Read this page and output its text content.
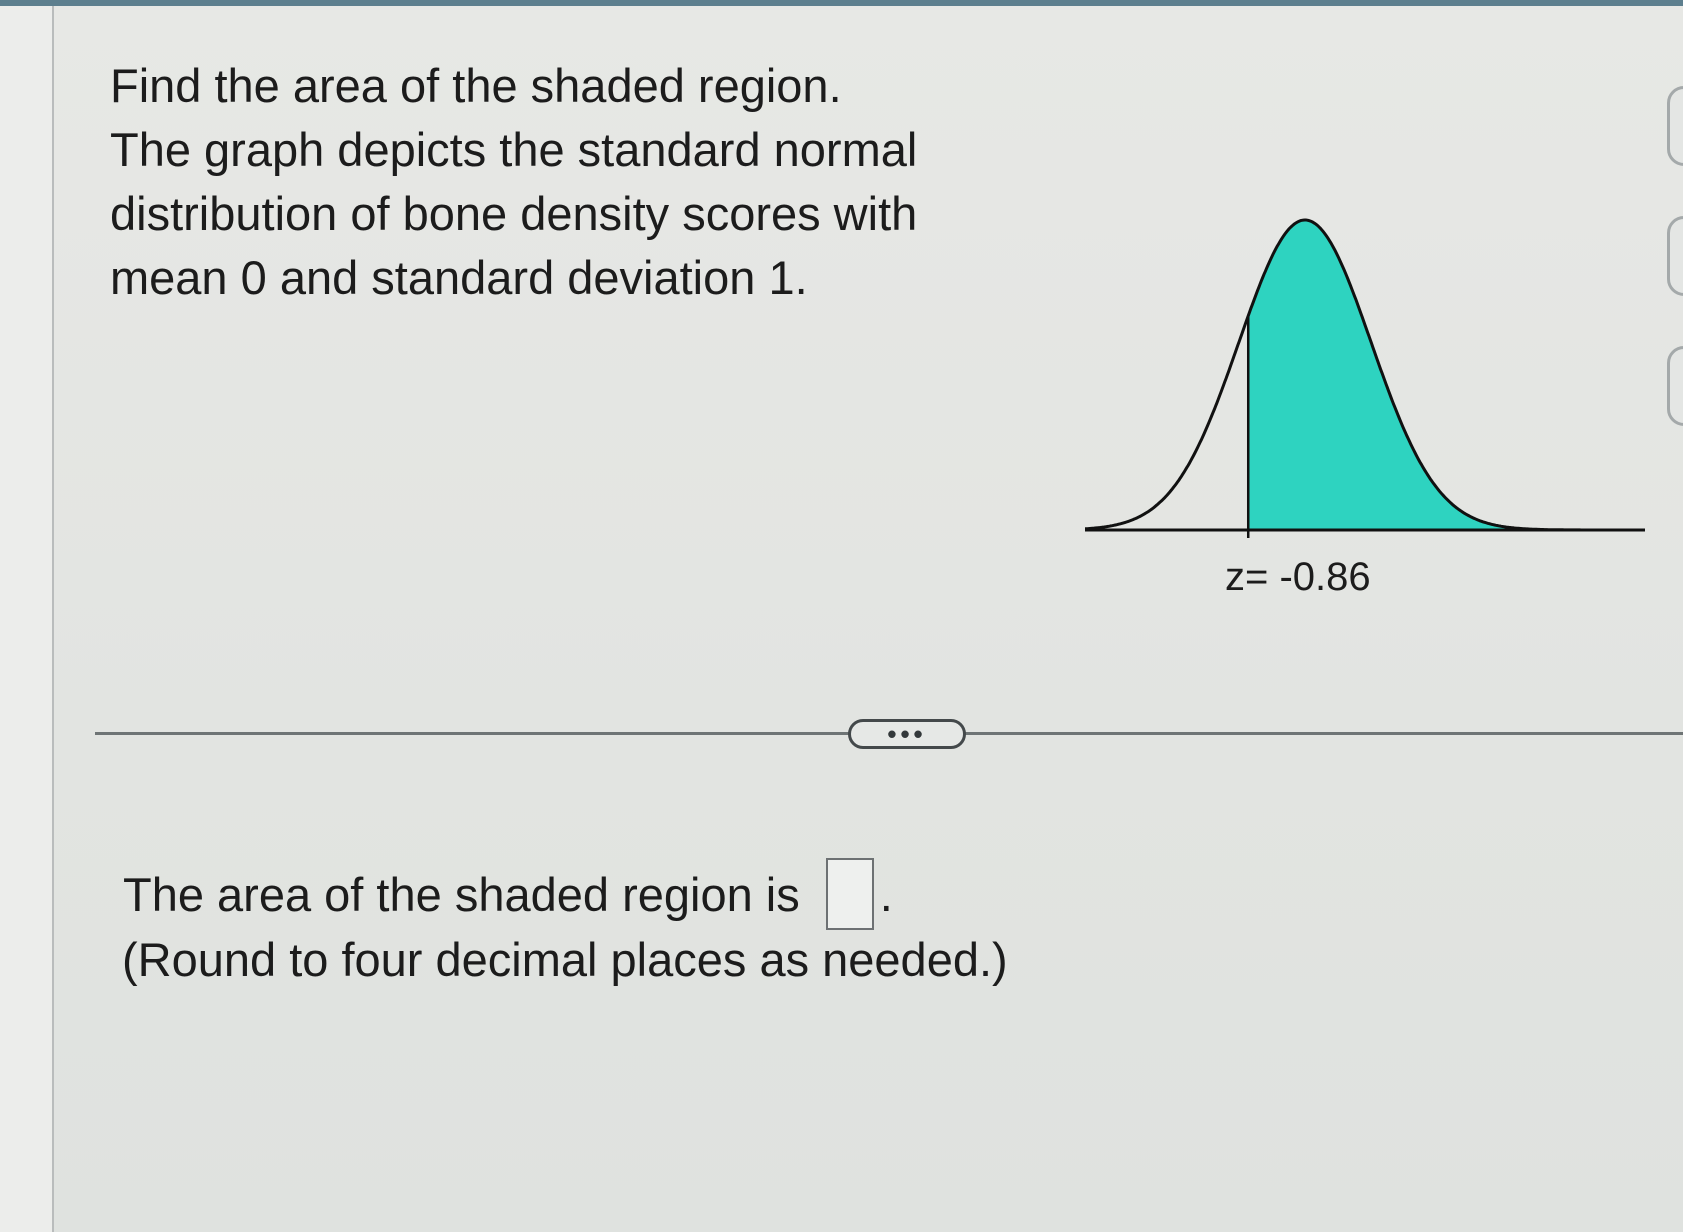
Find the area of the shaded region.
The graph depicts the standard normal
distribution of bone density scores with
mean 0 and standard deviation 1.

z= -0.86
•••
The area of the shaded region is .
(Round to four decimal places as needed.)
